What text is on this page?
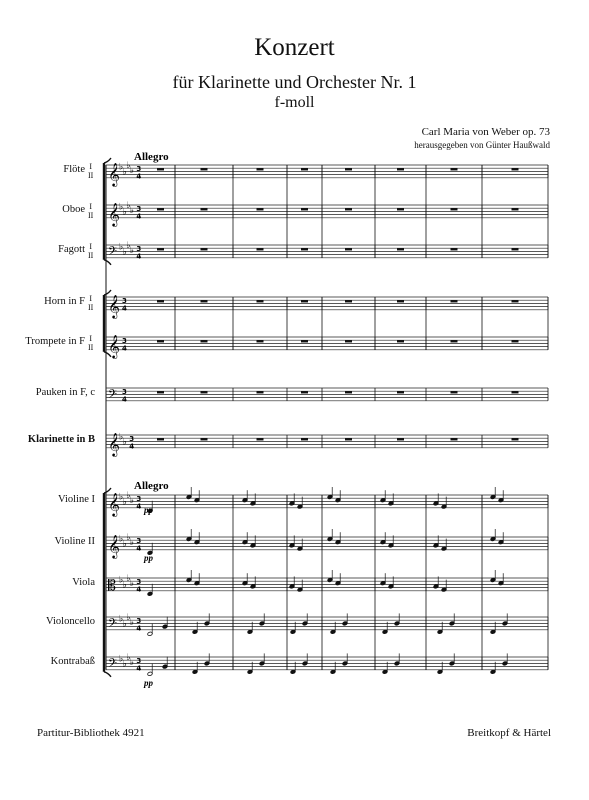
Konzert
für Klarinette und Orchester Nr. 1
f-moll
Carl Maria von Weber op. 73
herausgegeben von Günter Haußwald
I
II
Flöte
I
II
Oboe
I
II
Fagott
I
II
Horn in F
I
II
Trompete in F
Pauken in F, c
Klarinette in B
Violine I
Violine II
Viola
Violoncello
Kontrabaß
𝄞 ♭ ♭
♭ ♭ 3
4
𝄞 ♭ ♭
♭ ♭ 3
4
𝄢 ♭ ♭
♭ ♭ 3
4
𝄞 3
4
𝄞 3
4
𝄢 3
4
𝄞 ♭ ♭ 3
4
𝄞 ♭ ♭
♭ ♭ 3
4
𝄞 ♭ ♭
♭ ♭ 3
4
𝄡 ♭ ♭
♭ ♭ 3
4
𝄢 ♭ ♭
♭ ♭ 3
4
𝄢 ♭ ♭
♭ ♭ 3
4
Allegro
Allegro
pp
pp
pp
Partitur-Bibliothek 4921	Breitkopf & Härtel
